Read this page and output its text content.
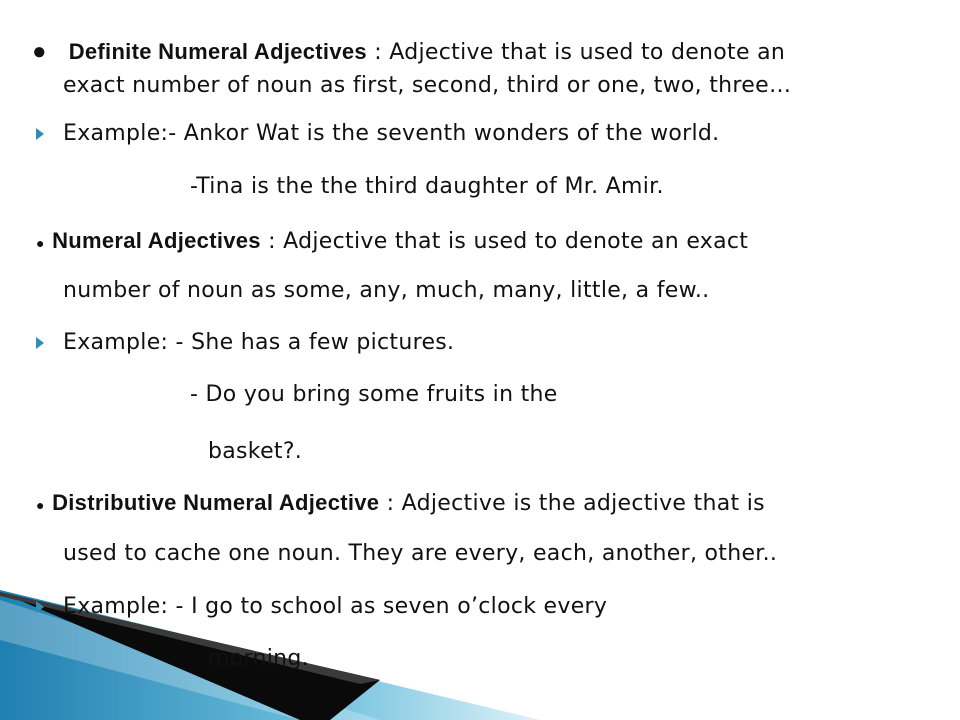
● Definite Numeral Adjectives : Adjective that is used to denote an
exact number of noun as first, second, third or one, two, three…
Example:- Ankor Wat is the seventh wonders of the world.
-Tina is the the third daughter of Mr. Amir.
● Numeral Adjectives : Adjective that is used to denote an exact
number of noun as some, any, much, many, little, a few..
Example: - She has a few pictures.
- Do you bring some fruits in the
basket?.
● Distributive Numeral Adjective : Adjective is the adjective that is
used to cache one noun. They are every, each, another, other..
Example: - I go to school as seven o’clock every
morning.
